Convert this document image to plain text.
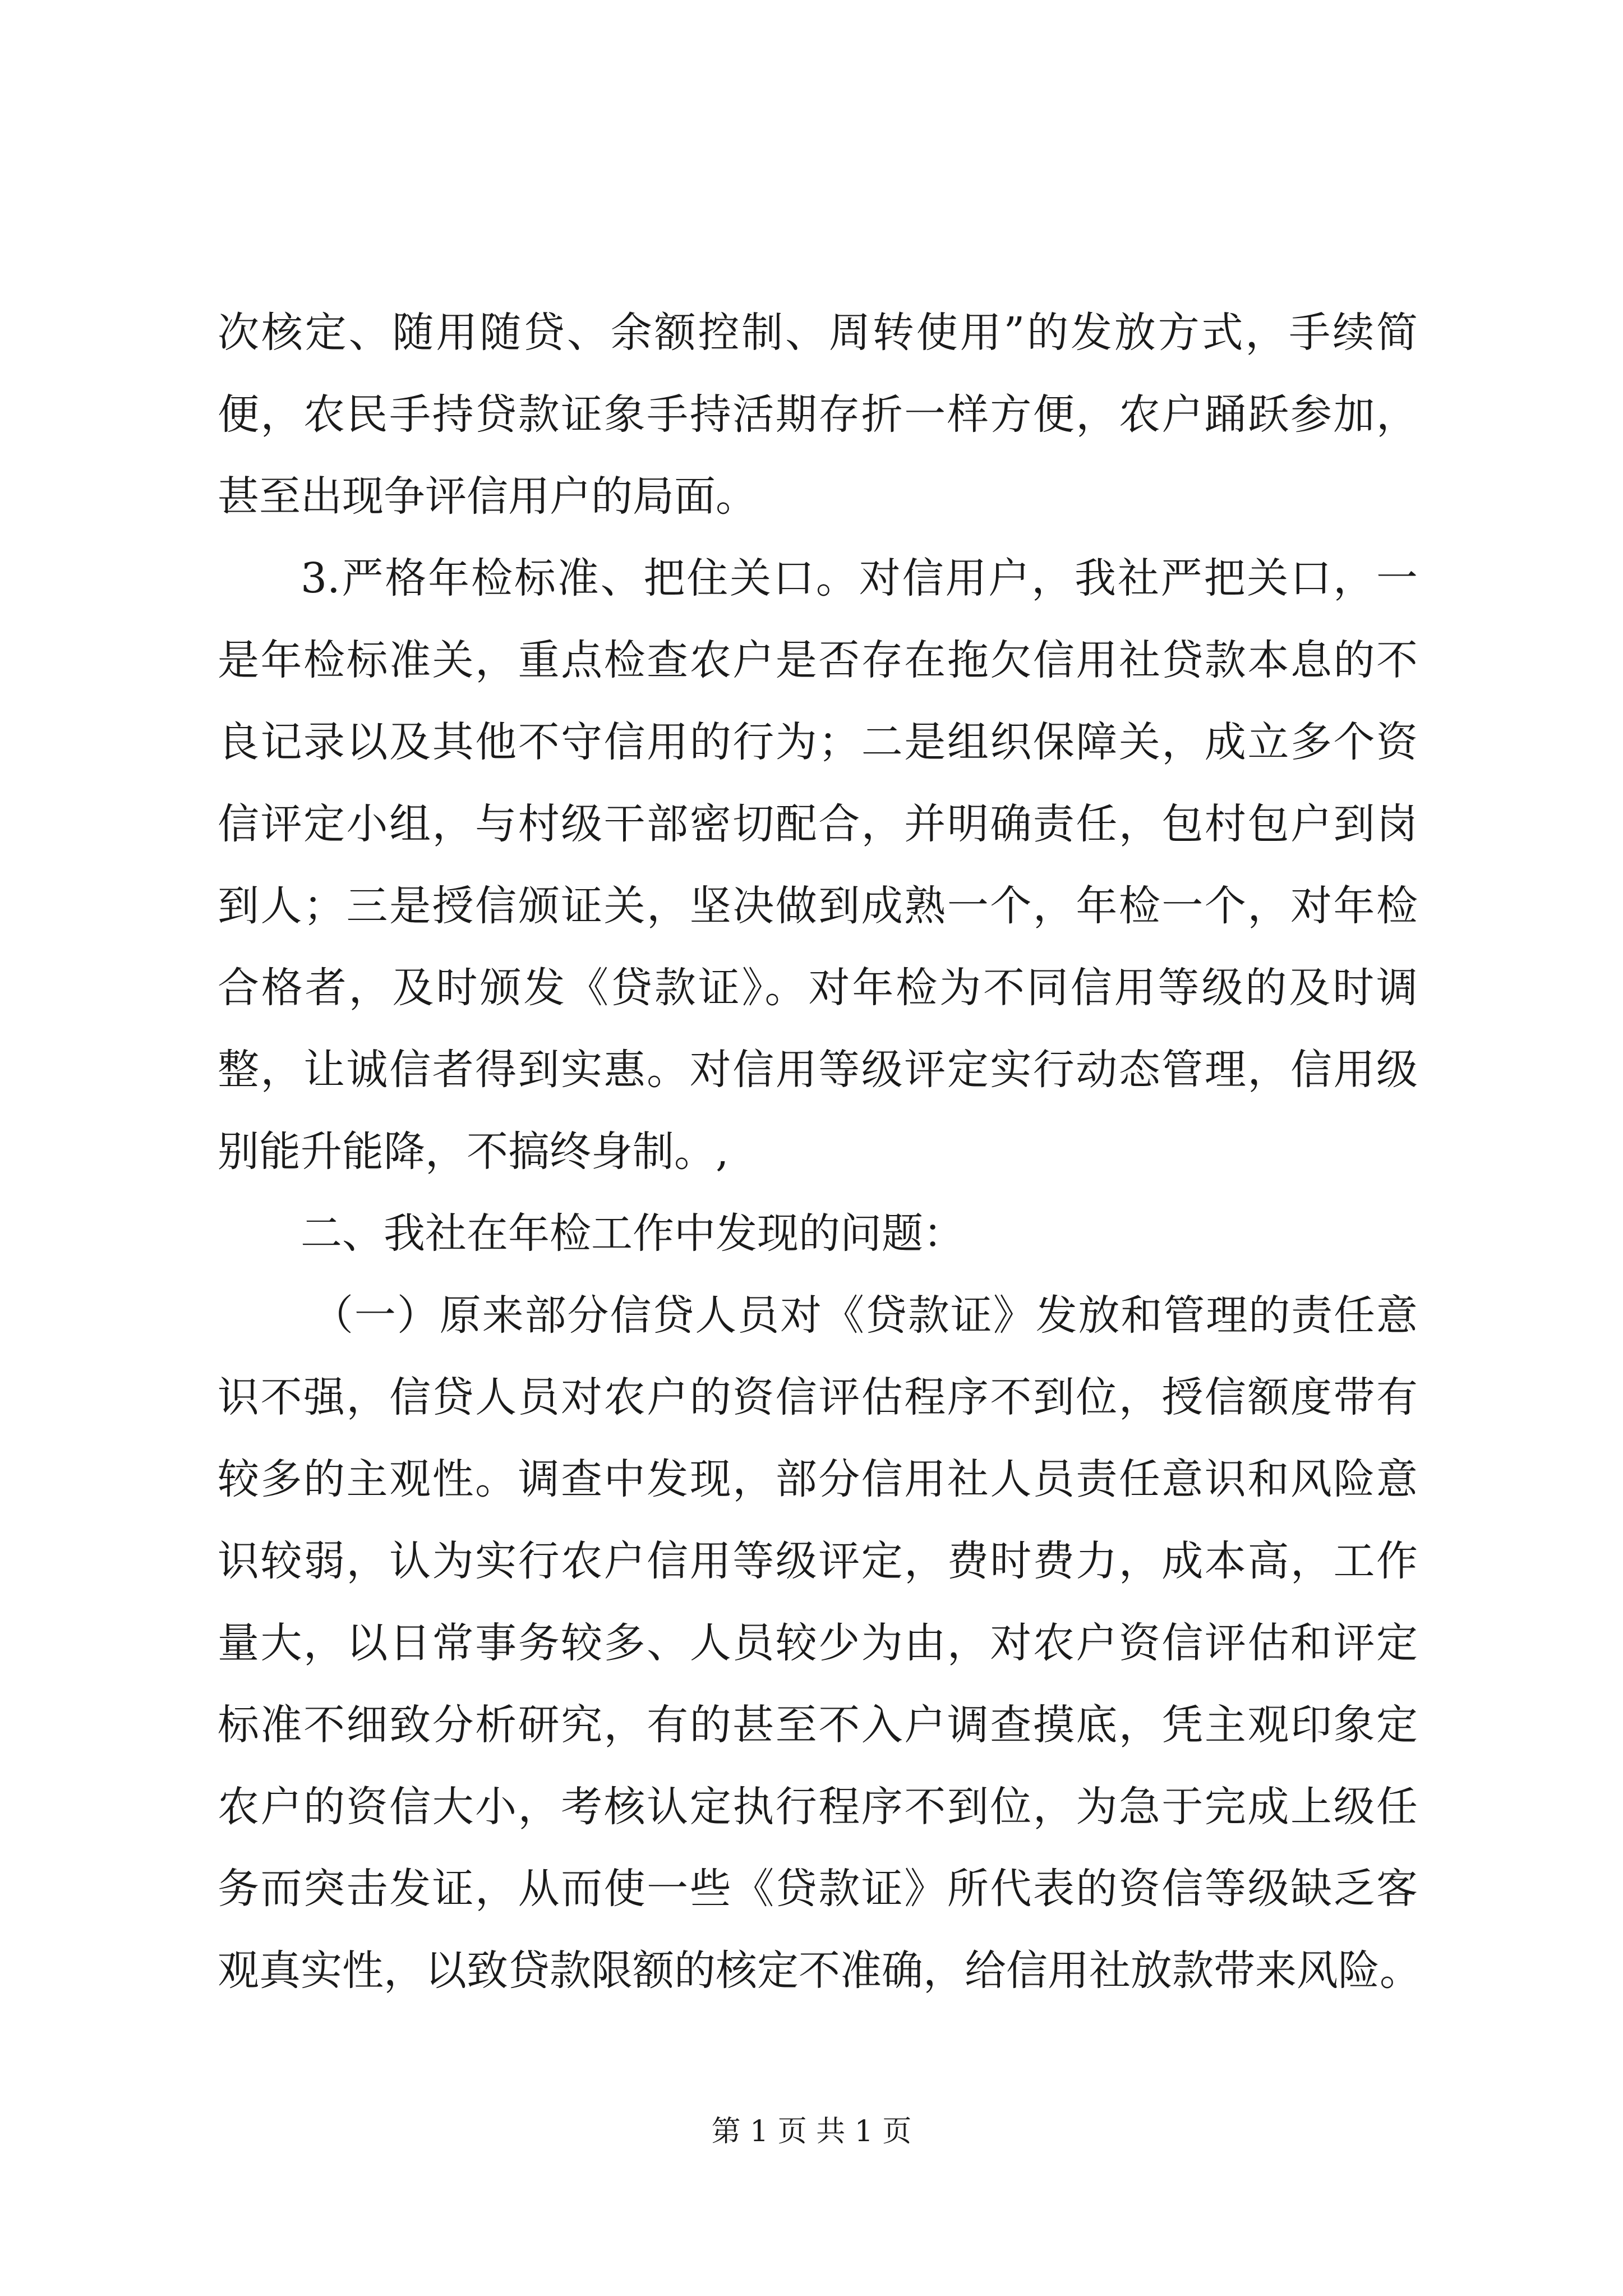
次核定、随用随贷、余额控制、周转使用”的发放方式，手续简
便，农民手持贷款证象手持活期存折一样方便，农户踊跃参加，
甚至出现争评信用户的局面。
3.严格年检标准、把住关口。对信用户，我社严把关口，一
是年检标准关，重点检查农户是否存在拖欠信用社贷款本息的不
良记录以及其他不守信用的行为；二是组织保障关，成立多个资
信评定小组，与村级干部密切配合，并明确责任，包村包户到岗
到人；三是授信颁证关，坚决做到成熟一个，年检一个，对年检
合格者，及时颁发《贷款证》。对年检为不同信用等级的及时调
整，让诚信者得到实惠。对信用等级评定实行动态管理，信用级
别能升能降，不搞终身制。,
二、我社在年检工作中发现的问题：
（一）原来部分信贷人员对《贷款证》发放和管理的责任意
识不强，信贷人员对农户的资信评估程序不到位，授信额度带有
较多的主观性。调查中发现，部分信用社人员责任意识和风险意
识较弱，认为实行农户信用等级评定，费时费力，成本高，工作
量大，以日常事务较多、人员较少为由，对农户资信评估和评定
标准不细致分析研究，有的甚至不入户调查摸底，凭主观印象定
农户的资信大小，考核认定执行程序不到位，为急于完成上级任
务而突击发证，从而使一些《贷款证》所代表的资信等级缺乏客
观真实性，以致贷款限额的核定不准确，给信用社放款带来风险。
第 1 页 共 1 页
